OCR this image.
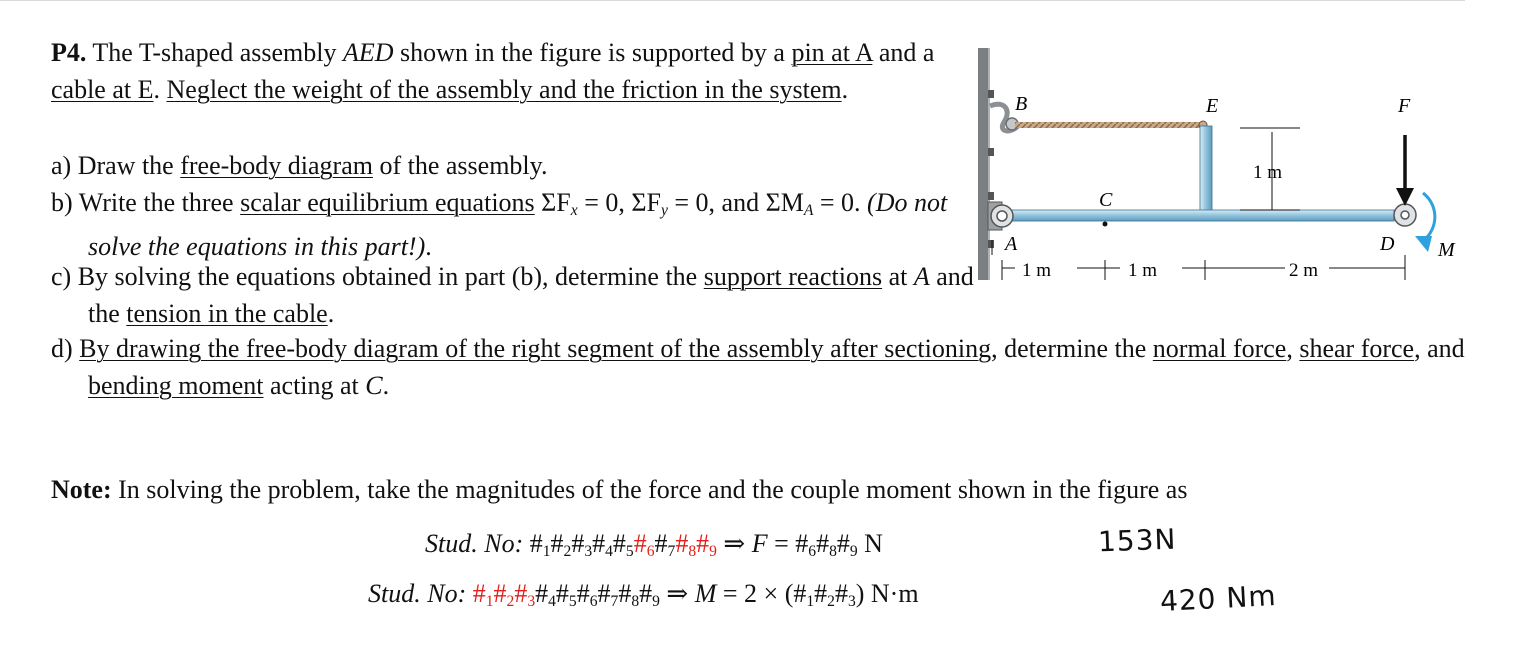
P4. The T-shaped assembly AED shown in the figure is supported by a pin at A and a cable at E. Neglect the weight of the assembly and the friction in the system.
a) Draw the free-body diagram of the assembly.
b) Write the three scalar equilibrium equations $\Sigma F_x = 0$, $\Sigma F_y = 0$, and $\Sigma M_A = 0$. (Do not solve the equations in this part!).
c) By solving the equations obtained in part (b), determine the support reactions at A and the tension in the cable.
d) By drawing the free-body diagram of the right segment of the assembly after sectioning, determine the normal force, shear force, and bending moment acting at C.
Note: In solving the problem, take the magnitudes of the force and the couple moment shown in the figure as
Stud. No: $\#_1\#_2\#_3\#_4\#_5\#_6\#_7\#_8\#_9$ ⇒ $F = \#_6\#_8\#_9$ N
Stud. No: $\#_1\#_2\#_3\#_4\#_5\#_6\#_7\#_8\#_9$ ⇒ $M = 2 \times (\#_1\#_2\#_3)$ N·m
153N
420 Nm
B	E	F
C
A	D M
1 m
1 m	1 m	2 m
